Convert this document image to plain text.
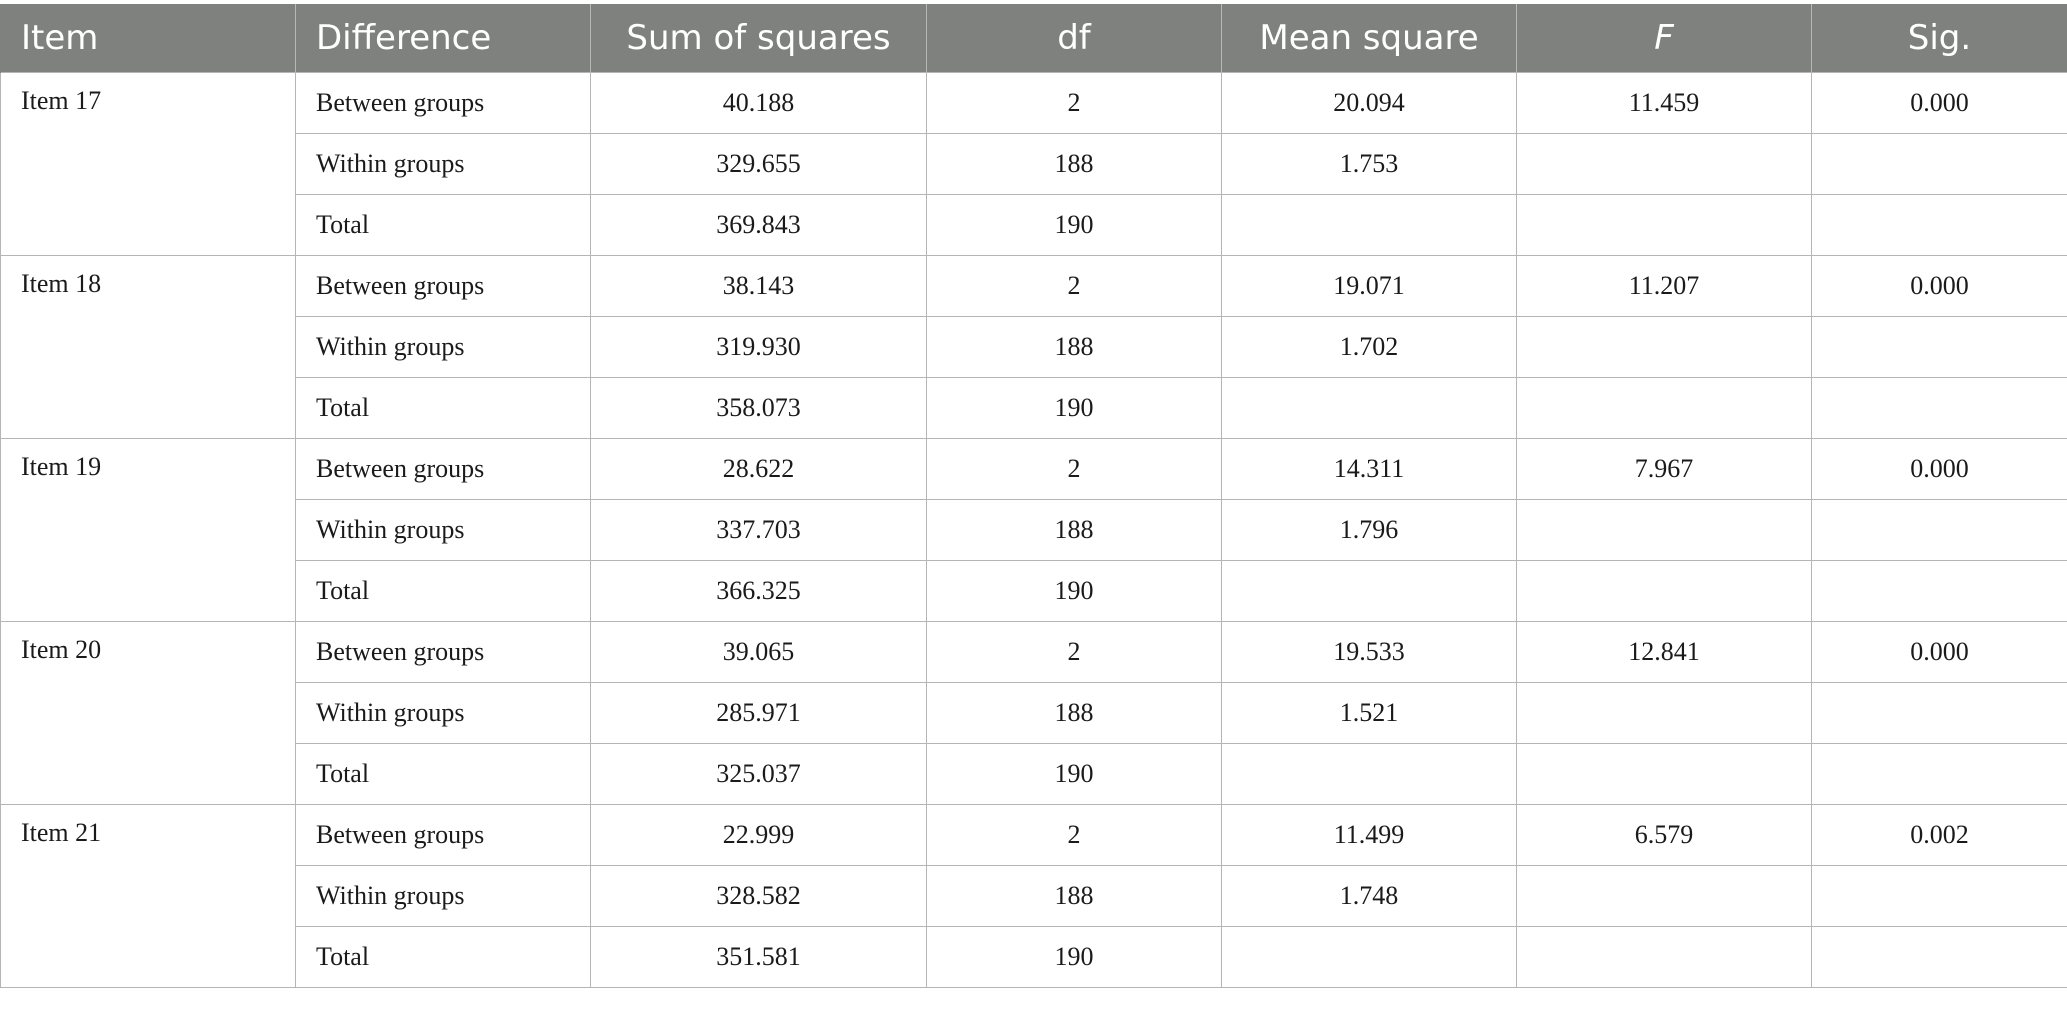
Item	Difference	Sum of squares	df	Mean square	F	Sig.
Item 17	Between groups	40.188	2	20.094	11.459	0.000
	Within groups	329.655	188	1.753		
	Total	369.843	190			
Item 18	Between groups	38.143	2	19.071	11.207	0.000
	Within groups	319.930	188	1.702		
	Total	358.073	190			
Item 19	Between groups	28.622	2	14.311	7.967	0.000
	Within groups	337.703	188	1.796		
	Total	366.325	190			
Item 20	Between groups	39.065	2	19.533	12.841	0.000
	Within groups	285.971	188	1.521		
	Total	325.037	190			
Item 21	Between groups	22.999	2	11.499	6.579	0.002
	Within groups	328.582	188	1.748		
	Total	351.581	190			
